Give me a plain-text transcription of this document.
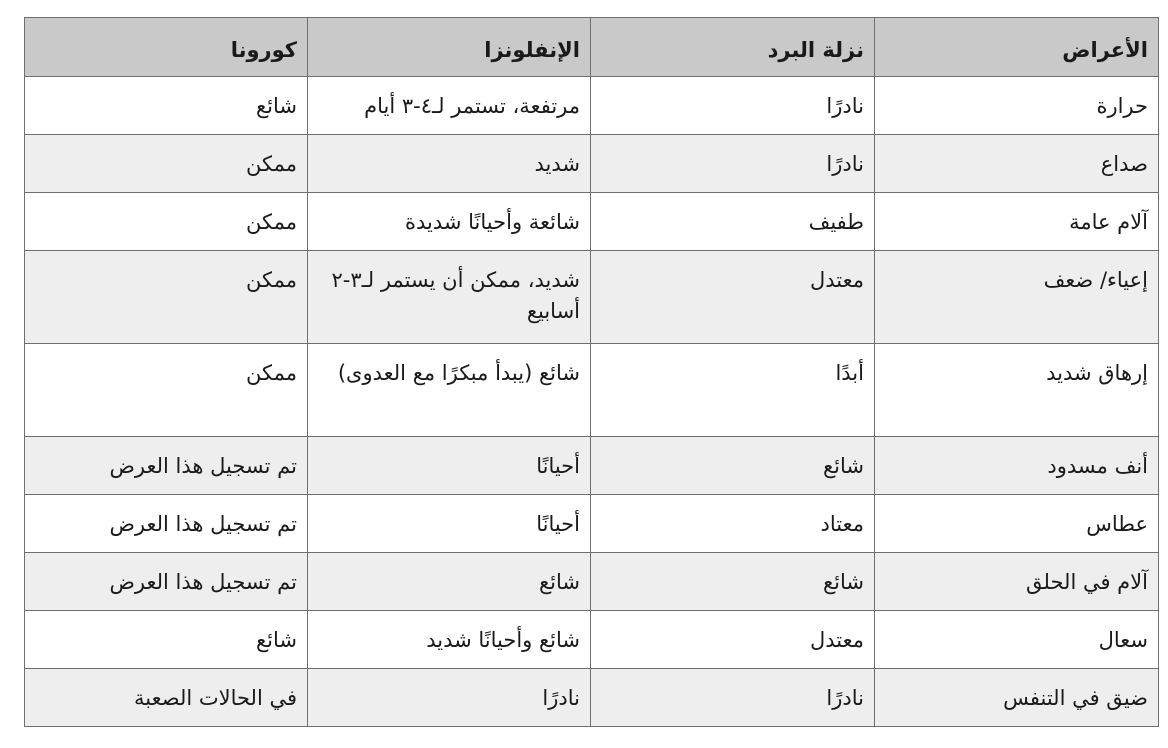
الأعراض	نزلة البرد	الإنفلونزا	كورونا
حرارة	نادرًا	مرتفعة، تستمر لـ٤-٣ أيام	شائع
صداع	نادرًا	شديد	ممكن
آلام عامة	طفيف	شائعة وأحيانًا شديدة	ممكن
إعياء/ ضعف	معتدل	شديد، ممكن أن يستمر لـ٣-٢ أسابيع	ممكن
إرهاق شديد	أبدًا	شائع (يبدأ مبكرًا مع العدوى)	ممكن
أنف مسدود	شائع	أحيانًا	تم تسجيل هذا العرض
عطاس	معتاد	أحيانًا	تم تسجيل هذا العرض
آلام في الحلق	شائع	شائع	تم تسجيل هذا العرض
سعال	معتدل	شائع وأحيانًا شديد	شائع
ضيق في التنفس	نادرًا	نادرًا	في الحالات الصعبة
